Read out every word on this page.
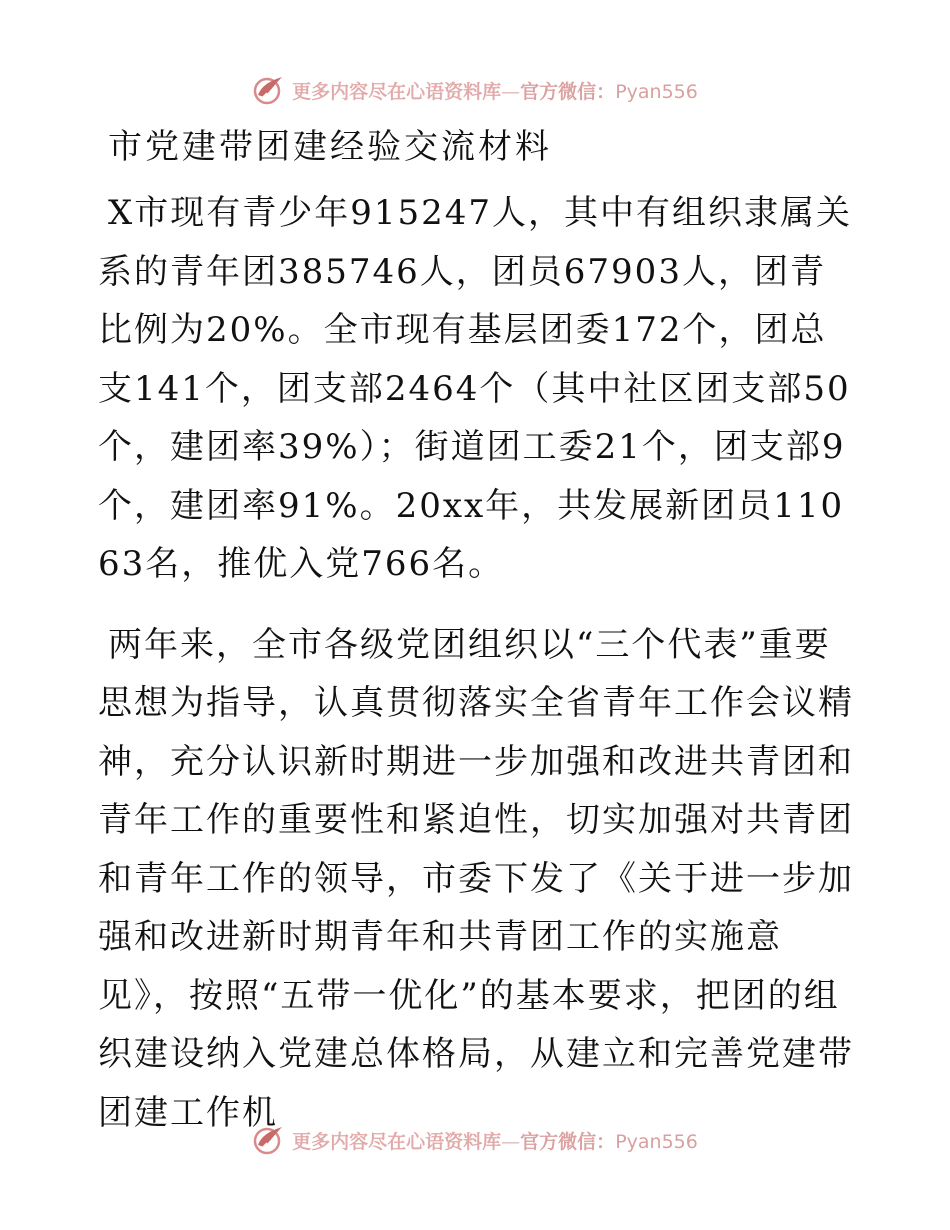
更多内容尽在心语资料库—官方微信：Pyan556
市党建带团建经验交流材料

X市现有青少年915247人，其中有组织隶属关系的青年团385746人，团员67903人，团青比例为20%。全市现有基层团委172个，团总支141个，团支部2464个（其中社区团支部50个，建团率39%）；街道团工委21个，团支部9个，建团率91%。20xx年，共发展新团员11063名，推优入党766名。

两年来，全市各级党团组织以“三个代表”重要思想为指导，认真贯彻落实全省青年工作会议精神，充分认识新时期进一步加强和改进共青团和青年工作的重要性和紧迫性，切实加强对共青团和青年工作的领导，市委下发了《关于进一步加强和改进新时期青年和共青团工作的实施意见》，按照“五带一优化”的基本要求，把团的组织建设纳入党建总体格局，从建立和完善党建带团建工作机

更多内容尽在心语资料库—官方微信：Pyan556
